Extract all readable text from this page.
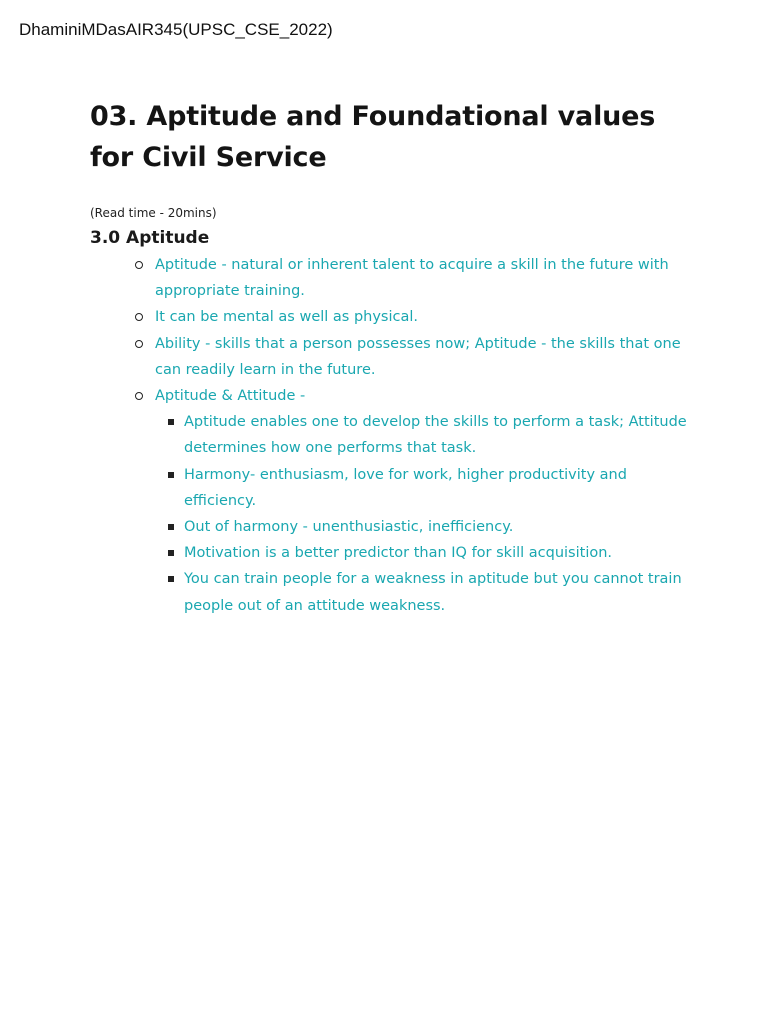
DhaminiMDasAIR345(UPSC_CSE_2022)
03. Aptitude and Foundational values for Civil Service
(Read time - 20mins)
3.0 Aptitude
Aptitude - natural or inherent talent to acquire a skill in the future with appropriate training.
It can be mental as well as physical.
Ability - skills that a person possesses now; Aptitude - the skills that one can readily learn in the future.
Aptitude & Attitude -
Aptitude enables one to develop the skills to perform a task; Attitude determines how one performs that task.
Harmony- enthusiasm, love for work, higher productivity and efficiency.
Out of harmony - unenthusiastic, inefficiency.
Motivation is a better predictor than IQ for skill acquisition.
You can train people for a weakness in aptitude but you cannot train people out of an attitude weakness.
